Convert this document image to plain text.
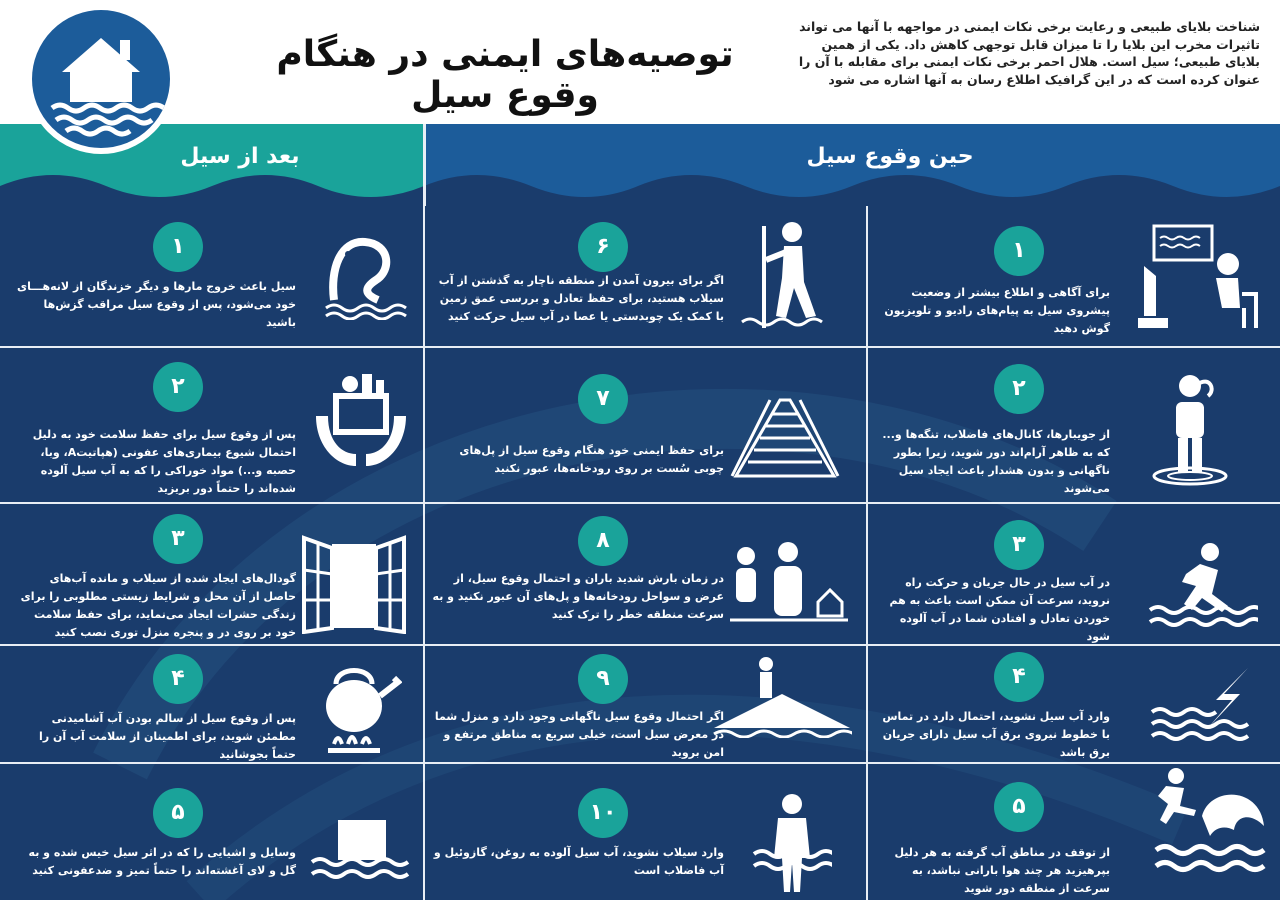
توصیه‌های ایمنی در هنگام وقوع سیل
شناخت بلایای طبیعی و رعایت برخی نکات ایمنی در مواجهه با آنها می تواند تاثیرات مخرب این بلایا را تا میزان قابل توجهی کاهش داد. یکی از همین بلایای طبیعی؛ سیل است. هلال احمر برخی نکات ایمنی برای مقابله با آن را عنوان کرده است که در این گرافیک اطلاع رسان به آنها اشاره می شود
بعد از سیل	حین وقوع سیل
۱
سیل باعث خروج مارها و دیگر خزندگان از لانه‌هـــای خود می‌شود، پس از وقوع سیل مراقب گزش‌ها باشید
۲
پس از وقوع سیل برای حفظ سلامت خود به دلیل احتمال شیوع بیماری‌های عفونی (هپاتیتA، وبا، حصبه و...) مواد خوراکی را که به آب سیل آلوده شده‌اند را حتماً دور بریزید
۳
گودال‌های ایجاد شده از سیلاب و مانده آب‌های حاصل از آن محل و شرایط زیستی مطلوبی را برای زندگی حشرات ایجاد می‌نماید، برای حفظ سلامت خود بر روی در و پنجره منزل توری نصب کنید
۴
پس از وقوع سیل از سالم بودن آب آشامیدنی مطمئن شوید، برای اطمینان از سلامت آب آن را حتماً بجوشانید
۵
وسایل و اشیایی را که در اثر سیل خیس شده و به گل و لای آغشته‌اند را حتماً تمیز و ضدعفونی کنید
۶
اگر برای بیرون آمدن از منطقه ناچار به گذشتن از آب سیلاب هستید، برای حفظ تعادل و بررسی عمق زمین با کمک یک چوبدستی یا عصا در آب سیل حرکت کنید
۷
برای حفظ ایمنی خود هنگام وقوع سیل از پل‌های چوبی سُست بر روی رودخانه‌ها، عبور نکنید
۸
در زمان بارش شدید باران و احتمال وقوع سیل، از عرض و سواحل رودخانه‌ها و پل‌های آن عبور نکنید و به سرعت منطقه خطر را ترک کنید
۹
اگر احتمال وقوع سیل ناگهانی وجود دارد و منزل شما در معرض سیل است، خیلی سریع به مناطق مرتفع و امن بروید
۱۰
وارد سیلاب نشوید، آب سیل آلوده به روغن، گازوئیل و آب فاضلاب است
۱
برای آگاهی و اطلاع بیشتر از وضعیت پیشروی سیل به پیام‌های رادیو و تلویزیون گوش دهید
۲
از جویبارها، کانال‌های فاضلاب، تنگه‌ها و... که به ظاهر آرام‌اند دور شوید، زیرا بطور ناگهانی و بدون هشدار باعث ایجاد سیل می‌شوند
۳
در آب سیل در حال جریان و حرکت راه نروید، سرعت آن ممکن است باعث به هم خوردن تعادل و افتادن شما در آب آلوده شود
۴
وارد آب سیل نشوید، احتمال دارد در تماس با خطوط نیروی برق آب سیل دارای جریان برق باشد
۵
از توقف در مناطق آب گرفته به هر دلیل بپرهیزید هر چند هوا بارانی نباشد، به سرعت از منطقه دور شوید
